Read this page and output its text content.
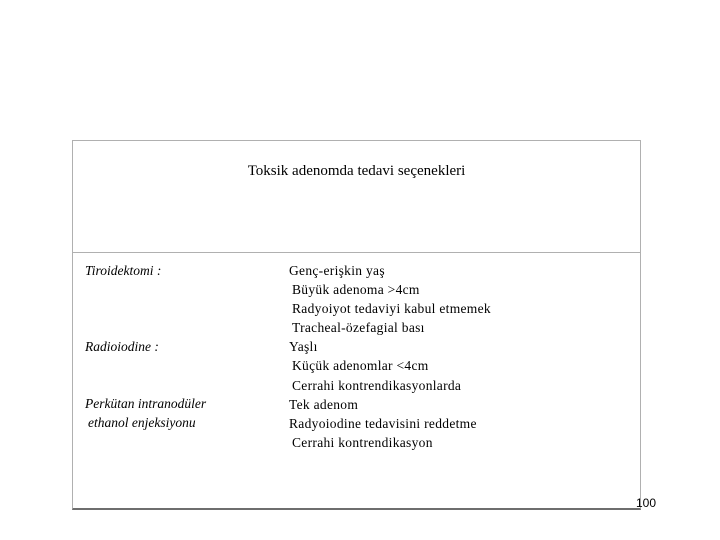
Toksik adenomda tedavi seçenekleri
Tiroidektomi :
Radioiodine :
Perkütan intranodüler
ethanol enjeksiyonu
Genç-erişkin yaş
Büyük adenoma >4cm
Radyoiyot tedaviyi kabul etmemek
Tracheal-özefagial bası
Yaşlı
Küçük adenomlar <4cm
Cerrahi kontrendikasyonlarda
Tek adenom
Radyoiodine tedavisini reddetme
Cerrahi kontrendikasyon
100
